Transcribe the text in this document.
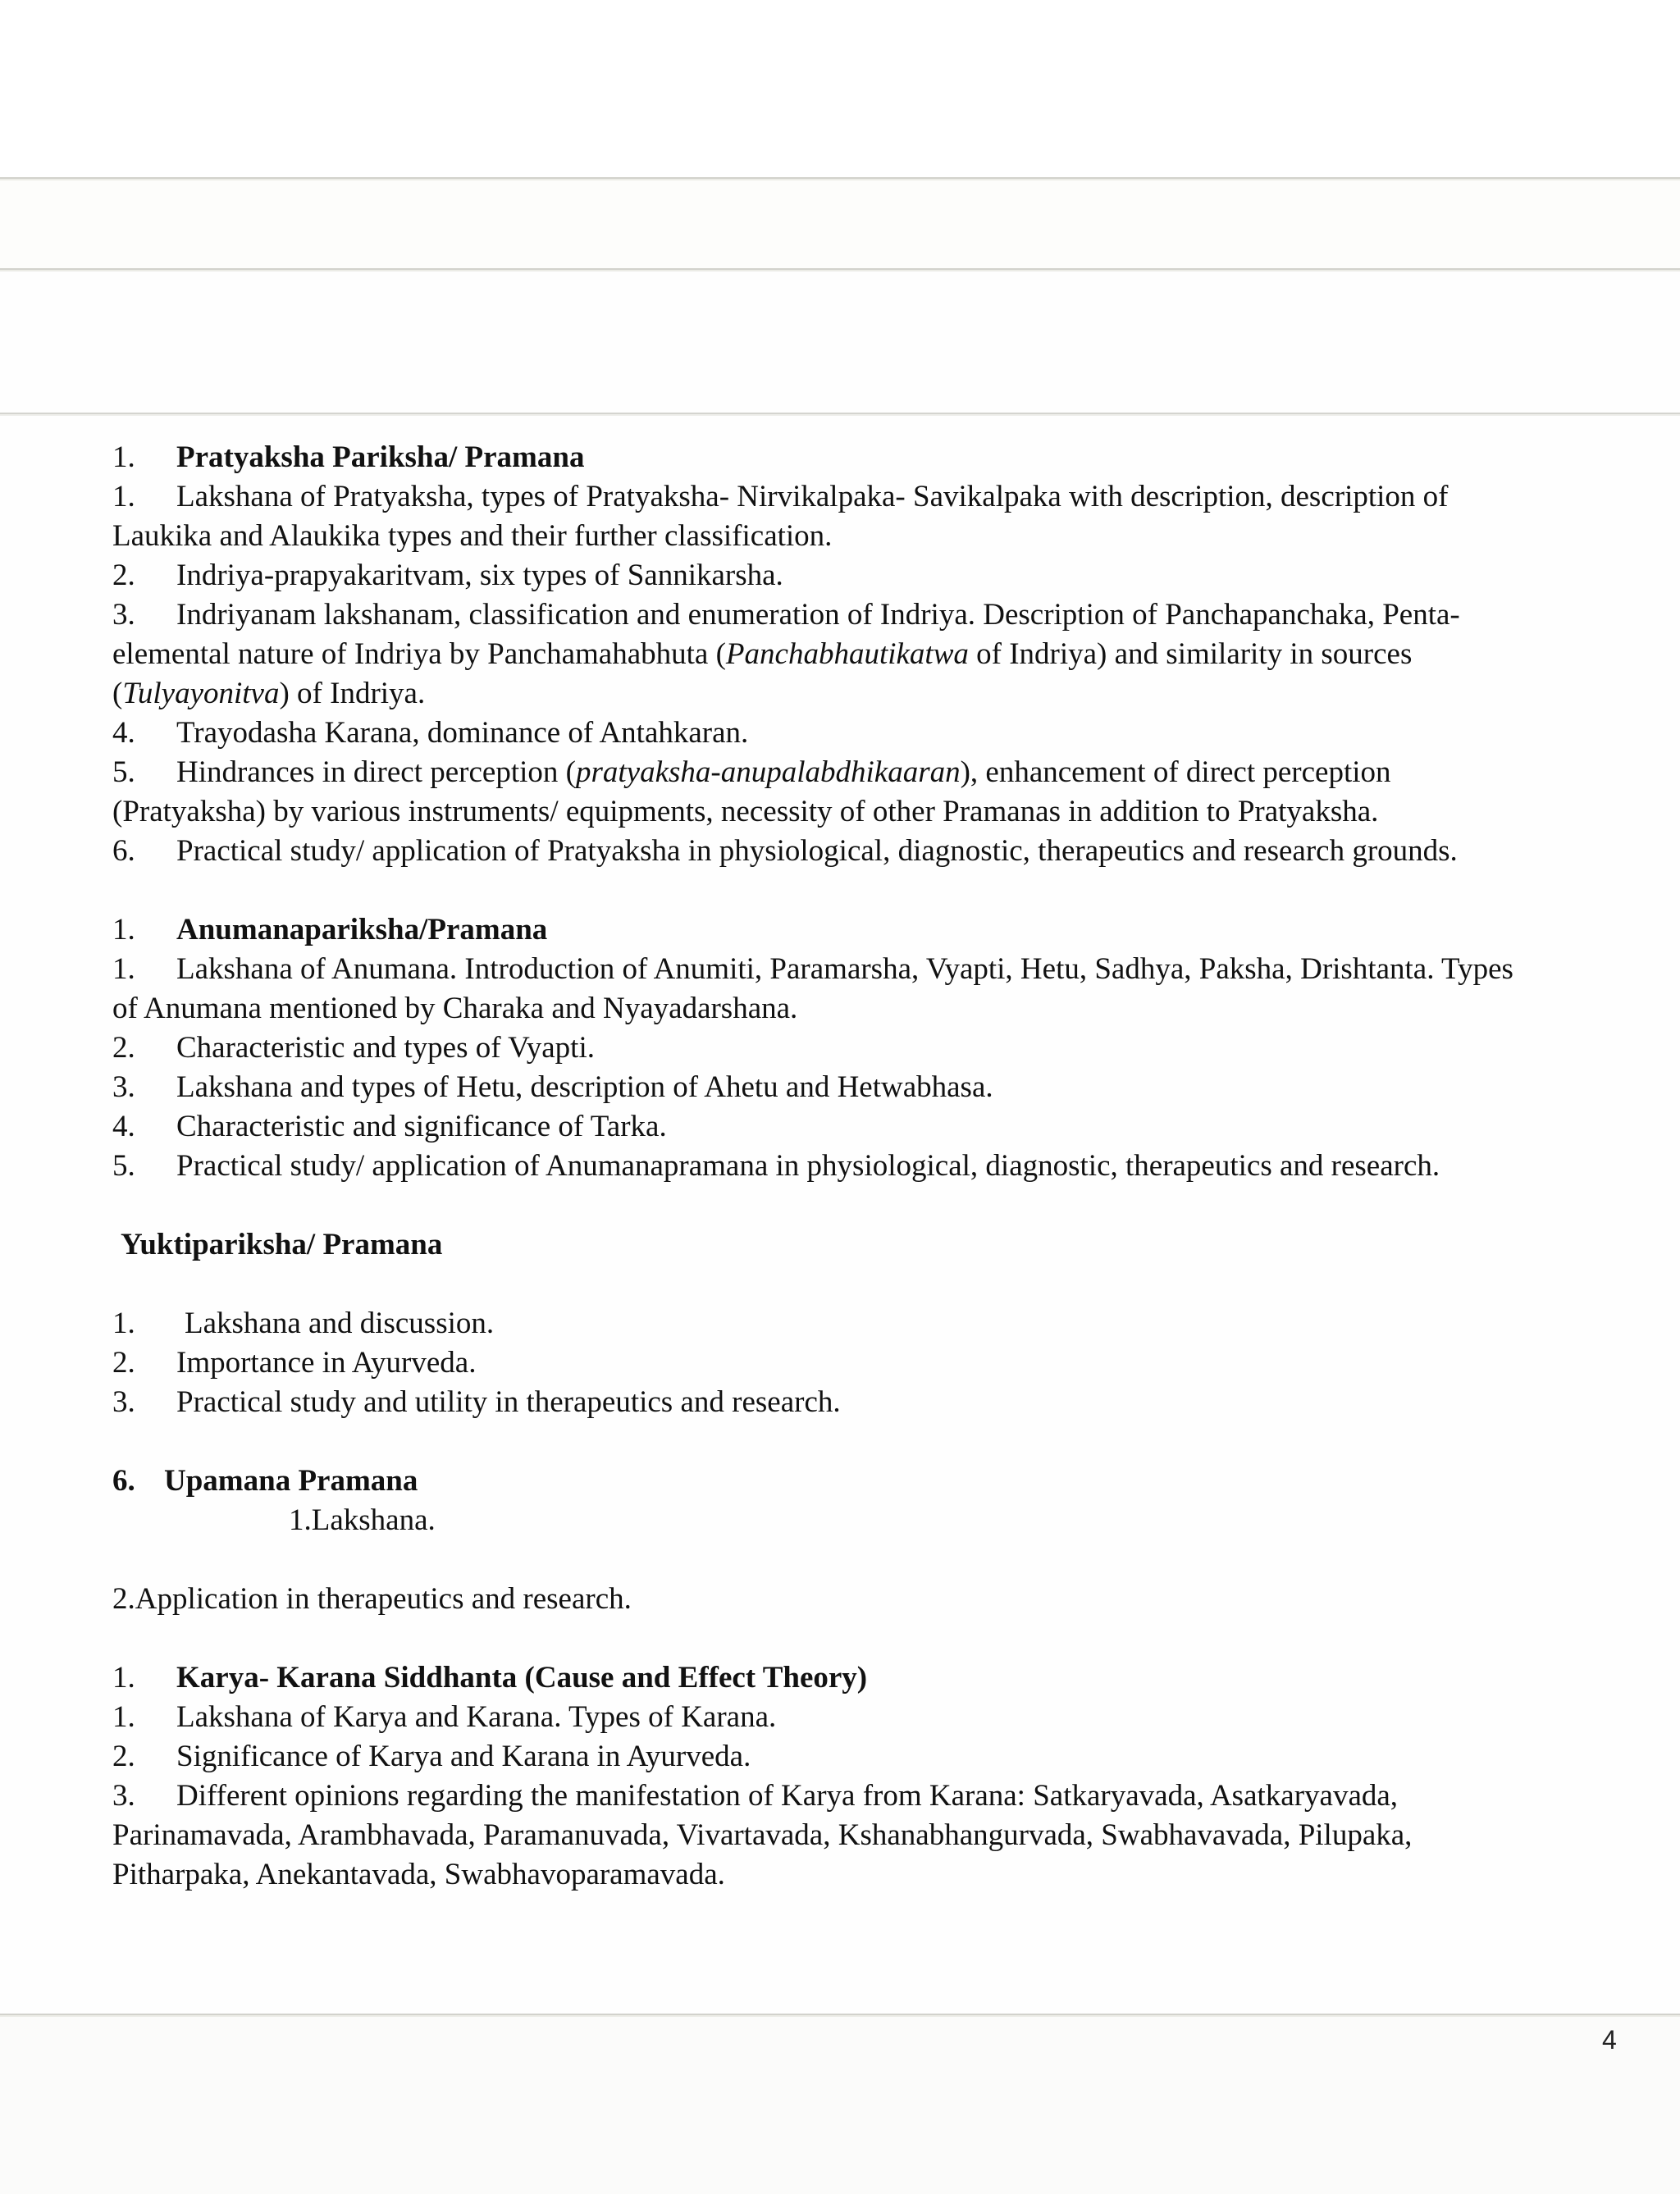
1. Pratyaksha Pariksha/ Pramana
1. Lakshana of Pratyaksha, types of Pratyaksha- Nirvikalpaka- Savikalpaka with description, description of
Laukika and Alaukika types and their further classification.
2. Indriya-prapyakaritvam, six types of Sannikarsha.
3. Indriyanam lakshanam, classification and enumeration of Indriya. Description of Panchapanchaka, Penta-
elemental nature of Indriya by Panchamahabhuta (Panchabhautikatwa of Indriya) and similarity in sources
(Tulyayonitva) of Indriya.
4. Trayodasha Karana, dominance of Antahkaran.
5. Hindrances in direct perception (pratyaksha-anupalabdhikaaran), enhancement of direct perception
(Pratyaksha) by various instruments/ equipments, necessity of other Pramanas in addition to Pratyaksha.
6. Practical study/ application of Pratyaksha in physiological, diagnostic, therapeutics and research grounds.
1. Anumanapariksha/Pramana
1. Lakshana of Anumana. Introduction of Anumiti, Paramarsha, Vyapti, Hetu, Sadhya, Paksha, Drishtanta. Types
of Anumana mentioned by Charaka and Nyayadarshana.
2. Characteristic and types of Vyapti.
3. Lakshana and types of Hetu, description of Ahetu and Hetwabhasa.
4. Characteristic and significance of Tarka.
5. Practical study/ application of Anumanapramana in physiological, diagnostic, therapeutics and research.
Yuktipariksha/ Pramana
1. Lakshana and discussion.
2. Importance in Ayurveda.
3. Practical study and utility in therapeutics and research.
6. Upamana Pramana
1.Lakshana.
2.Application in therapeutics and research.
1. Karya- Karana Siddhanta (Cause and Effect Theory)
1. Lakshana of Karya and Karana. Types of Karana.
2. Significance of Karya and Karana in Ayurveda.
3. Different opinions regarding the manifestation of Karya from Karana: Satkaryavada, Asatkaryavada,
Parinamavada, Arambhavada, Paramanuvada, Vivartavada, Kshanabhangurvada, Swabhavavada, Pilupaka,
Pitharpaka, Anekantavada, Swabhavoparamavada.
4
